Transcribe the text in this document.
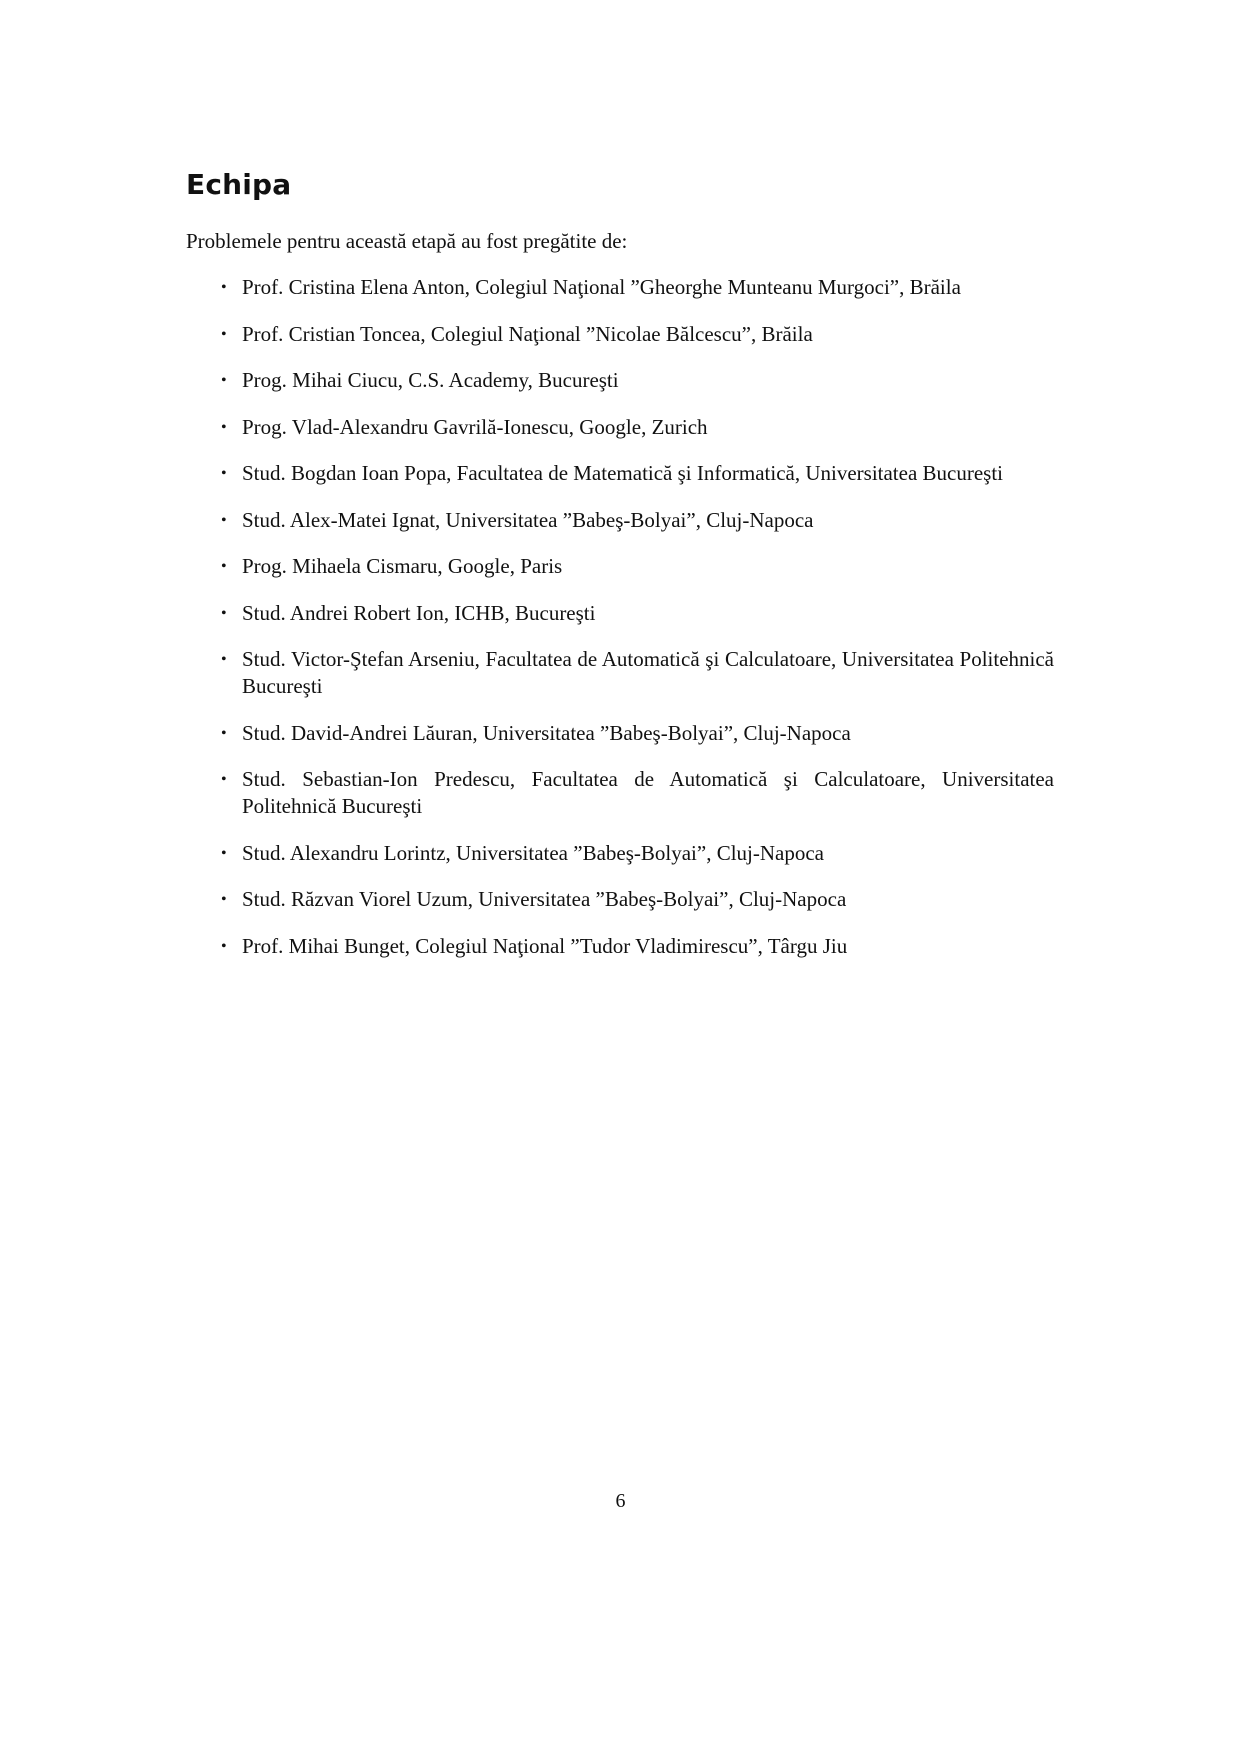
Echipa

Problemele pentru această etapă au fost pregătite de:

• Prof. Cristina Elena Anton, Colegiul Naţional ”Gheorghe Munteanu Murgoci”, Brăila
• Prof. Cristian Toncea, Colegiul Naţional ”Nicolae Bălcescu”, Brăila
• Prog. Mihai Ciucu, C.S. Academy, Bucureşti
• Prog. Vlad-Alexandru Gavrilă-Ionescu, Google, Zurich
• Stud. Bogdan Ioan Popa, Facultatea de Matematică şi Informatică, Universitatea Bucureşti
• Stud. Alex-Matei Ignat, Universitatea ”Babeş-Bolyai”, Cluj-Napoca
• Prog. Mihaela Cismaru, Google, Paris
• Stud. Andrei Robert Ion, ICHB, Bucureşti
• Stud. Victor-Ştefan Arseniu, Facultatea de Automatică şi Calculatoare, Universitatea Politehnică Bucureşti
• Stud. David-Andrei Lăuran, Universitatea ”Babeş-Bolyai”, Cluj-Napoca
• Stud. Sebastian-Ion Predescu, Facultatea de Automatică şi Calculatoare, Universitatea Politehnică Bucureşti
• Stud. Alexandru Lorintz, Universitatea ”Babeş-Bolyai”, Cluj-Napoca
• Stud. Răzvan Viorel Uzum, Universitatea ”Babeş-Bolyai”, Cluj-Napoca
• Prof. Mihai Bunget, Colegiul Naţional ”Tudor Vladimirescu”, Târgu Jiu
6
